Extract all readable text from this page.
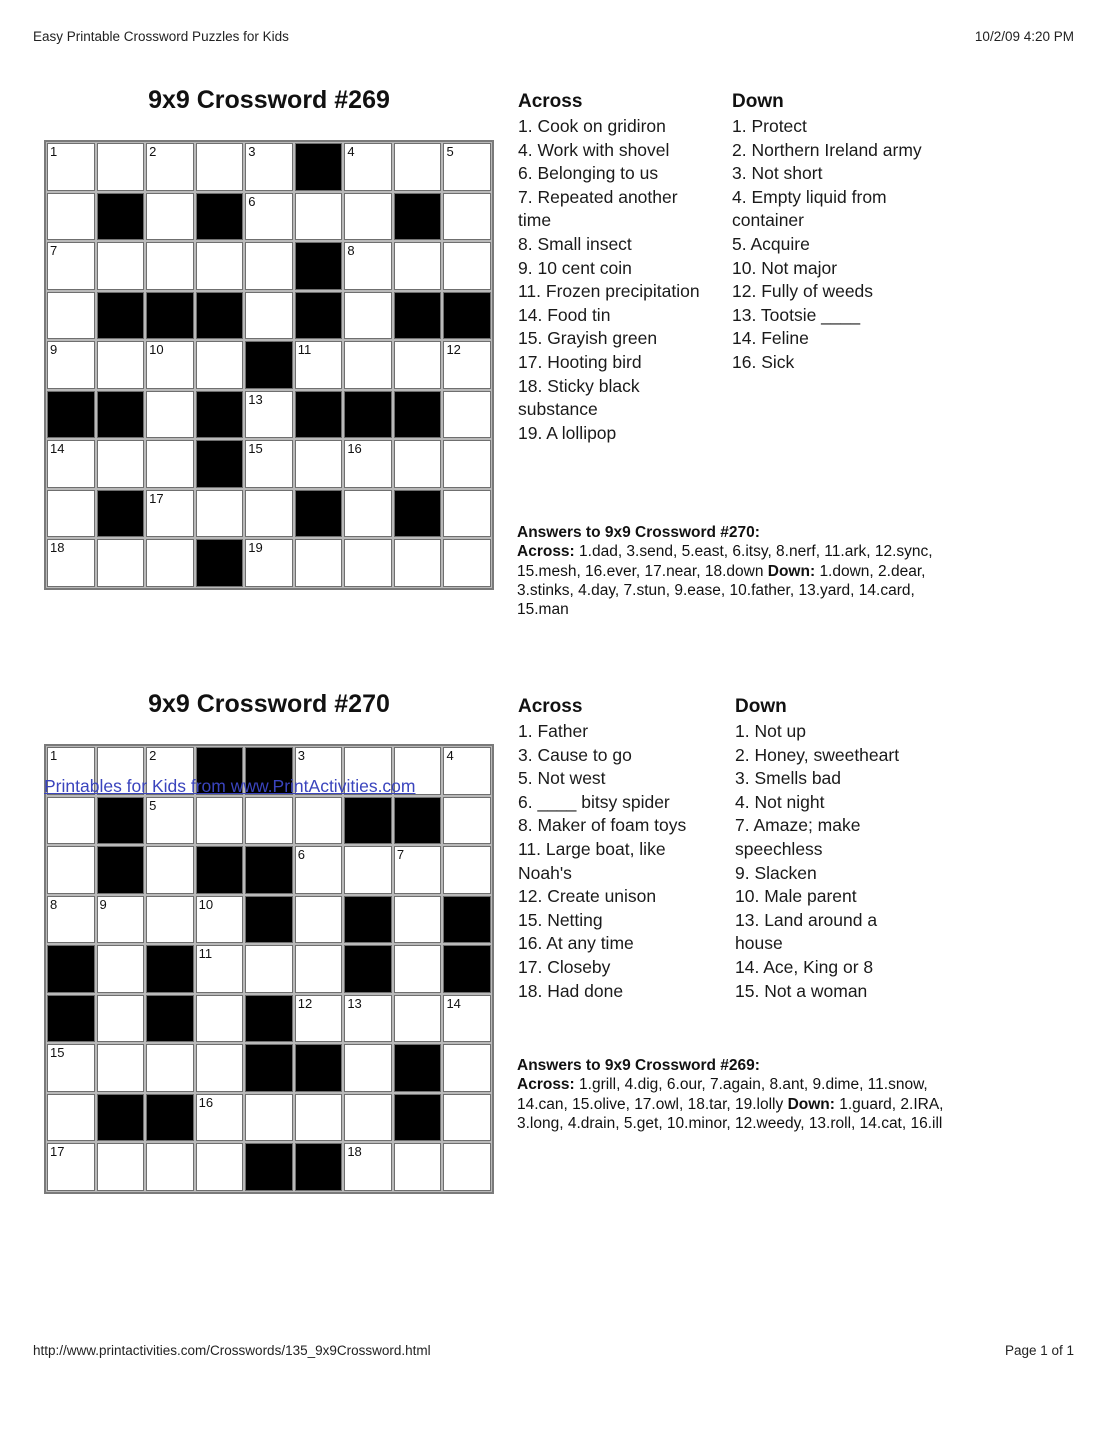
Easy Printable Crossword Puzzles for Kids	10/2/09 4:20 PM
9x9 Crossword #269
1	2	3	4	5
6
7	8
9	10	11	12
13
14	15	16
17
18	19
Across
1. Cook on gridiron
4. Work with shovel
6. Belonging to us
7. Repeated another time
8. Small insect
9. 10 cent coin
11. Frozen precipitation
14. Food tin
15. Grayish green
17. Hooting bird
18. Sticky black substance
19. A lollipop
Down
1. Protect
2. Northern Ireland army
3. Not short
4. Empty liquid from container
5. Acquire
10. Not major
12. Fully of weeds
13. Tootsie ____
14. Feline
16. Sick
Answers to 9x9 Crossword #270:

Across: 1.dad, 3.send, 5.east, 6.itsy, 8.nerf, 11.ark, 12.sync, 15.mesh, 16.ever, 17.near, 18.down Down: 1.down, 2.dear, 3.stinks, 4.day, 7.stun, 9.ease, 10.father, 13.yard, 14.card, 15.man

9x9 Crossword #270
1	2	3	4
5
6	7
8	9	10
11
12	13	14
15
16
17	18
Printables for Kids from www.PrintActivities.com
Across
1. Father
3. Cause to go
5. Not west
6. ____ bitsy spider
8. Maker of foam toys
11. Large boat, like Noah's
12. Create unison
15. Netting
16. At any time
17. Closeby
18. Had done
Down
1. Not up
2. Honey, sweetheart
3. Smells bad
4. Not night
7. Amaze; make speechless
9. Slacken
10. Male parent
13. Land around a house
14. Ace, King or 8
15. Not a woman
Answers to 9x9 Crossword #269:

Across: 1.grill, 4.dig, 6.our, 7.again, 8.ant, 9.dime, 11.snow, 14.can, 15.olive, 17.owl, 18.tar, 19.lolly Down: 1.guard, 2.IRA, 3.long, 4.drain, 5.get, 10.minor, 12.weedy, 13.roll, 14.cat, 16.ill

http://www.printactivities.com/Crosswords/135_9x9Crossword.html	Page 1 of 1
